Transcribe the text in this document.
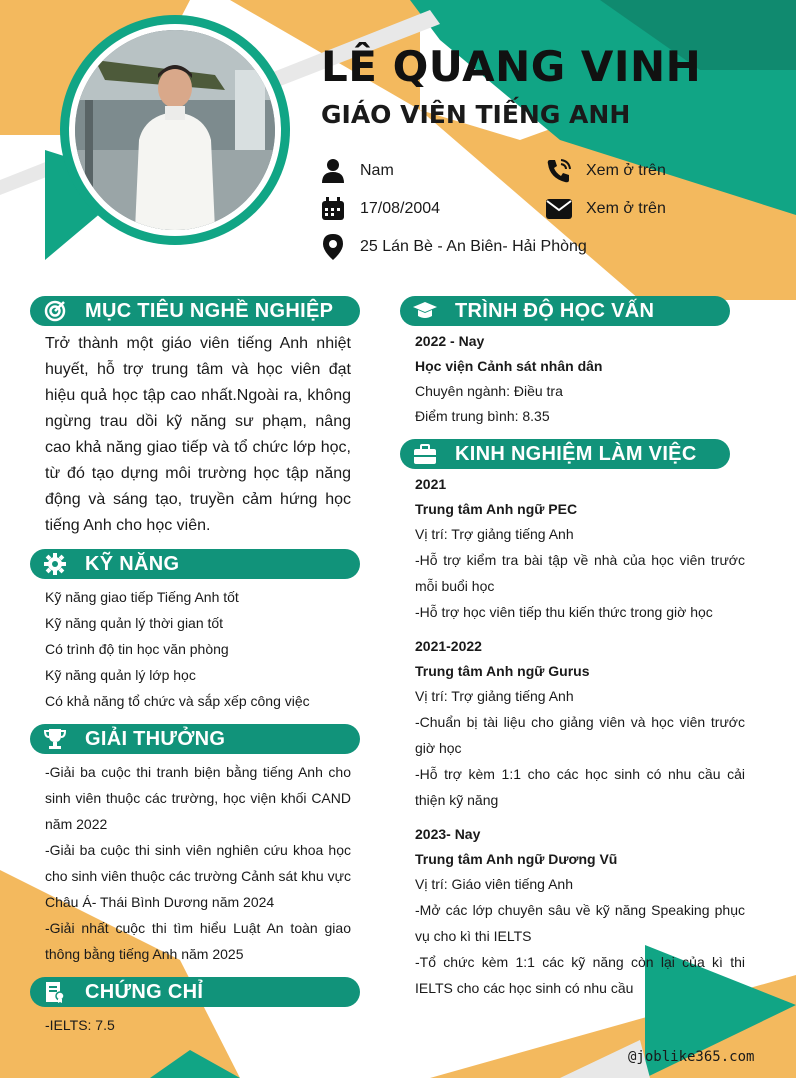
LÊ QUANG VINH
GIÁO VIÊN TIẾNG ANH
Nam
17/08/2004
25 Lán Bè - An Biên- Hải Phòng
Xem ở trên
Xem ở trên
MỤC TIÊU NGHỀ NGHIỆP
Trở thành một giáo viên tiếng Anh nhiệt huyết, hỗ trợ trung tâm và học viên đạt hiệu quả học tập cao nhất.Ngoài ra, không ngừng trau dồi kỹ năng sư phạm, nâng cao khả năng giao tiếp và tổ chức lớp học, từ đó tạo dựng môi trường học tập năng động và sáng tạo, truyền cảm hứng học tiếng Anh cho học viên.
KỸ NĂNG
Kỹ năng giao tiếp Tiếng Anh tốt
Kỹ năng quản lý thời gian tốt
Có trình độ tin học văn phòng
Kỹ năng quản lý lớp học
Có khả năng tổ chức và sắp xếp công việc
GIẢI THƯỞNG
-Giải ba cuộc thi tranh biện bằng tiếng Anh cho sinh viên thuộc các trường, học viện khối CAND năm 2022
-Giải ba cuộc thi sinh viên nghiên cứu khoa học cho sinh viên thuộc các trường Cảnh sát khu vực Châu Á- Thái Bình Dương năm 2024
-Giải nhất cuộc thi tìm hiểu Luật An toàn giao thông bằng tiếng Anh năm 2025
CHỨNG CHỈ
-IELTS: 7.5
TRÌNH ĐỘ HỌC VẤN
2022 - Nay
Học viện Cảnh sát nhân dân
Chuyên ngành: Điều tra
Điểm trung bình: 8.35
KINH NGHIỆM LÀM VIỆC
2021
Trung tâm Anh ngữ PEC
Vị trí: Trợ giảng tiếng Anh
-Hỗ trợ kiểm tra bài tập về nhà của học viên trước mỗi buổi học
-Hỗ trợ học viên tiếp thu kiến thức trong giờ học
2021-2022
Trung tâm Anh ngữ Gurus
Vị trí: Trợ giảng tiếng Anh
-Chuẩn bị tài liệu cho giảng viên và học viên trước giờ học
-Hỗ trợ kèm 1:1 cho các học sinh có nhu cầu cải thiện kỹ năng
2023- Nay
Trung tâm Anh ngữ Dương Vũ
Vị trí: Giáo viên tiếng Anh
-Mở các lớp chuyên sâu về kỹ năng Speaking phục vụ cho kì thi IELTS
-Tổ chức kèm 1:1 các kỹ năng còn lại của kì thi IELTS cho các học sinh có nhu cầu
@joblike365.com
